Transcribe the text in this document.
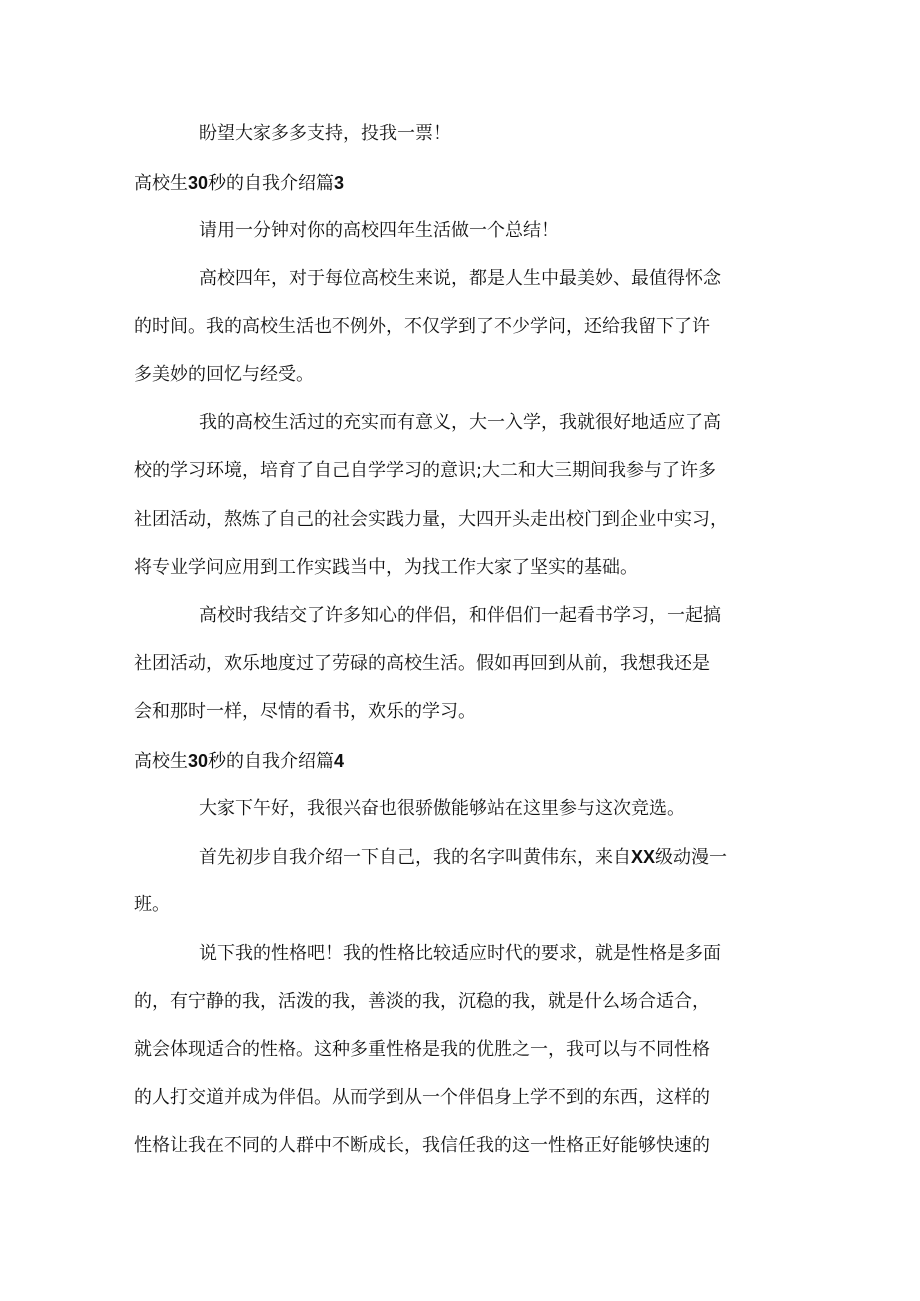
盼望大家多多支持，投我一票！

高校生30秒的自我介绍篇3

请用一分钟对你的高校四年生活做一个总结！

高校四年，对于每位高校生来说，都是人生中最美妙、最值得怀念

的时间。我的高校生活也不例外，不仅学到了不少学问，还给我留下了许

多美妙的回忆与经受。

我的高校生活过的充实而有意义，大一入学，我就很好地适应了高

校的学习环境，培育了自己自学学习的意识;大二和大三期间我参与了许多

社团活动，熬炼了自己的社会实践力量，大四开头走出校门到企业中实习，

将专业学问应用到工作实践当中，为找工作大家了坚实的基础。

高校时我结交了许多知心的伴侣，和伴侣们一起看书学习，一起搞

社团活动，欢乐地度过了劳碌的高校生活。假如再回到从前，我想我还是

会和那时一样，尽情的看书，欢乐的学习。

高校生30秒的自我介绍篇4

大家下午好，我很兴奋也很骄傲能够站在这里参与这次竞选。

首先初步自我介绍一下自己，我的名字叫黄伟东，来自XX级动漫一

班。

说下我的性格吧！我的性格比较适应时代的要求，就是性格是多面

的，有宁静的我，活泼的我，善淡的我，沉稳的我，就是什么场合适合，

就会体现适合的性格。这种多重性格是我的优胜之一，我可以与不同性格

的人打交道并成为伴侣。从而学到从一个伴侣身上学不到的东西，这样的

性格让我在不同的人群中不断成长，我信任我的这一性格正好能够快速的
